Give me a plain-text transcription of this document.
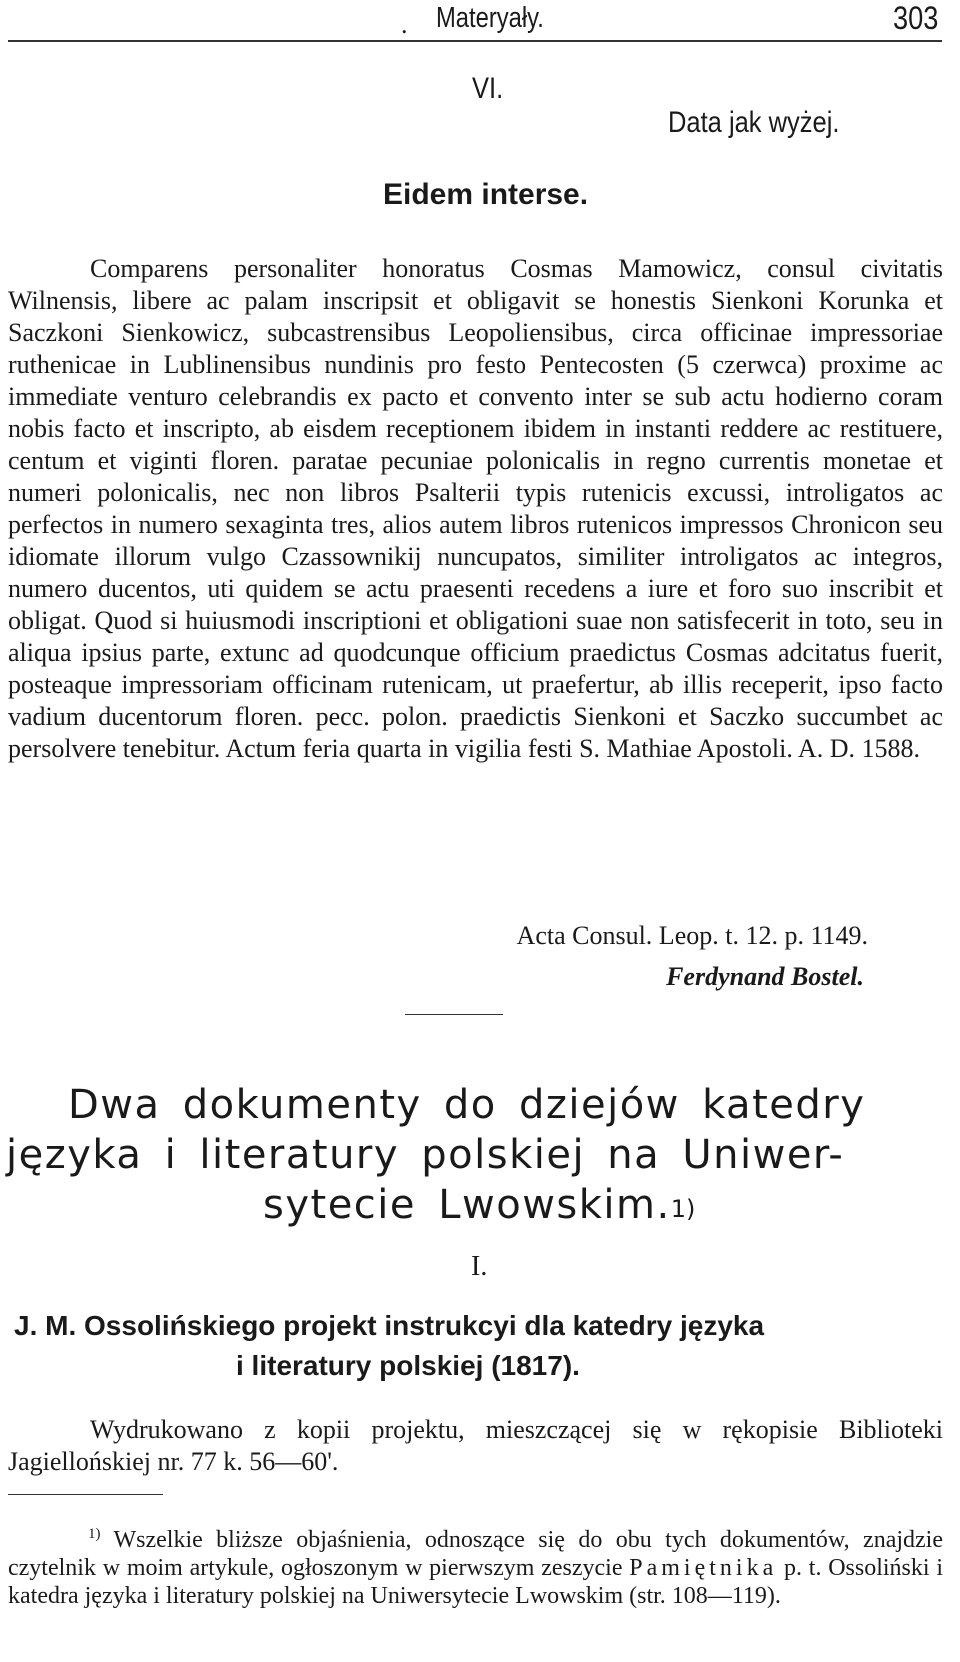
. Materyały.	303
VI.
Data jak wyżej.
Eidem interse.

Comparens personaliter honoratus Cosmas Mamowicz, consul civitatis Wilnensis, libere ac palam inscripsit et obligavit se honestis Sienkoni Korunka et Saczkoni Sienkowicz, subcastrensibus Leopoliensibus, circa officinae impressoriae ruthenicae in Lublinensibus nundinis pro festo Pentecosten (5 czerwca) proxime ac immediate venturo celebrandis ex pacto et convento inter se sub actu hodierno coram nobis facto et inscripto, ab eisdem receptionem ibidem in instanti reddere ac restituere, centum et viginti floren. paratae pecuniae polonicalis in regno currentis monetae et numeri polonicalis, nec non libros Psalterii typis rutenicis excussi, introligatos ac perfectos in numero sexaginta tres, alios autem libros rutenicos impressos Chronicon seu idiomate illorum vulgo Czassownikij nuncupatos, similiter introligatos ac integros, numero ducentos, uti quidem se actu praesenti recedens a iure et foro suo inscribit et obligat. Quod si huiusmodi inscriptioni et obligationi suae non satisfecerit in toto, seu in aliqua ipsius parte, extunc ad quodcunque officium praedictus Cosmas adcitatus fuerit, posteaque impressoriam officinam rutenicam, ut praefertur, ab illis receperit, ipso facto vadium ducentorum floren. pecc. polon. praedictis Sienkoni et Saczko succumbet ac persolvere tenebitur. Actum feria quarta in vigilia festi S. Mathiae Apostoli. A. D. 1588.

Acta Consul. Leop. t. 12. p. 1149.
Ferdynand Bostel.
Dwa dokumenty do dziejów katedry
języka i literatury polskiej na Uniwer-
sytecie Lwowskim.$^{1)}$
I.
J. M. Ossolińskiego projekt instrukcyi dla katedry języka
i literatury polskiej (1817).

Wydrukowano z kopii projektu, mieszczącej się w rękopisie Biblioteki Jagiellońskiej nr. 77 k. 56—60'.

$^{1)}$ Wszelkie bliższe objaśnienia, odnoszące się do obu tych dokumentów, znajdzie czytelnik w moim artykule, ogłoszonym w pierwszym zeszycie Pamiętnika p. t. Ossoliński i katedra języka i literatury polskiej na Uniwersytecie Lwowskim (str. 108—119).
